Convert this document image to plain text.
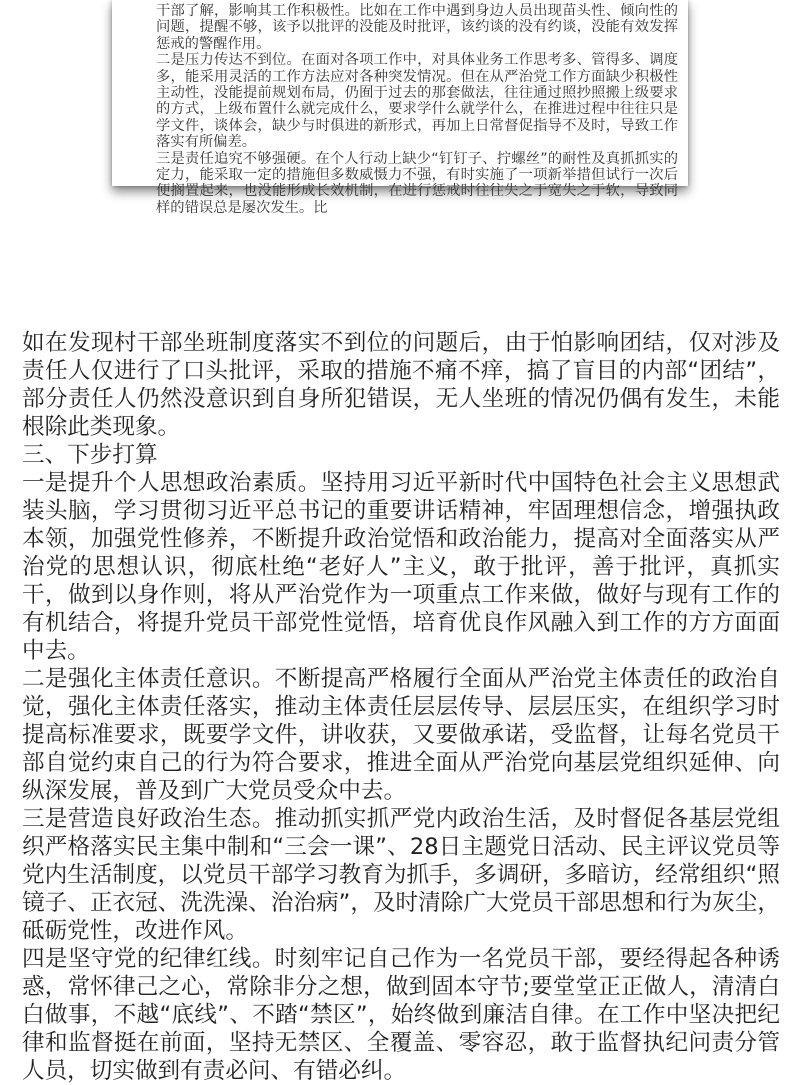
干部了解，影响其工作积极性。比如在工作中遇到身边人员出现苗头性、倾向性的问题，提醒不够，该予以批评的没能及时批评，该约谈的没有约谈，没能有效发挥惩戒的警醒作用。

二是压力传达不到位。在面对各项工作中，对具体业务工作思考多、管得多、调度多，能采用灵活的工作方法应对各种突发情况。但在从严治党工作方面缺少积极性主动性，没能提前规划布局，仍囿于过去的那套做法，往往通过照抄照搬上级要求的方式，上级布置什么就完成什么，要求学什么就学什么，在推进过程中往往只是学文件，谈体会，缺少与时俱进的新形式，再加上日常督促指导不及时，导致工作落实有所偏差。

三是责任追究不够强硬。在个人行动上缺少“钉钉子、拧螺丝”的耐性及真抓抓实的定力，能采取一定的措施但多数威慑力不强，有时实施了一项新举措但试行一次后便搁置起来，也没能形成长效机制，在进行惩戒时往往失之于宽失之于软，导致同样的错误总是屡次发生。比

如在发现村干部坐班制度落实不到位的问题后，由于怕影响团结，仅对涉及责任人仅进行了口头批评，采取的措施不痛不痒，搞了盲目的内部“团结”，部分责任人仍然没意识到自身所犯错误，无人坐班的情况仍偶有发生，未能根除此类现象。

三、下步打算

一是提升个人思想政治素质。坚持用习近平新时代中国特色社会主义思想武装头脑，学习贯彻习近平总书记的重要讲话精神，牢固理想信念，增强执政本领，加强党性修养，不断提升政治觉悟和政治能力，提高对全面落实从严治党的思想认识，彻底杜绝“老好人”主义，敢于批评，善于批评，真抓实干，做到以身作则，将从严治党作为一项重点工作来做，做好与现有工作的有机结合，将提升党员干部党性觉悟，培育优良作风融入到工作的方方面面中去。

二是强化主体责任意识。不断提高严格履行全面从严治党主体责任的政治自觉，强化主体责任落实，推动主体责任层层传导、层层压实，在组织学习时提高标准要求，既要学文件，讲收获，又要做承诺，受监督，让每名党员干部自觉约束自己的行为符合要求，推进全面从严治党向基层党组织延伸、向纵深发展，普及到广大党员受众中去。

三是营造良好政治生态。推动抓实抓严党内政治生活，及时督促各基层党组织严格落实民主集中制和“三会一课”、28日主题党日活动、民主评议党员等党内生活制度，以党员干部学习教育为抓手，多调研，多暗访，经常组织“照镜子、正衣冠、洗洗澡、治治病”，及时清除广大党员干部思想和行为灰尘，砥砺党性，改进作风。

四是坚守党的纪律红线。时刻牢记自己作为一名党员干部，要经得起各种诱惑，常怀律己之心，常除非分之想，做到固本守节;要堂堂正正做人，清清白白做事，不越“底线”、不踏“禁区”，始终做到廉洁自律。在工作中坚决把纪律和监督挺在前面，坚持无禁区、全覆盖、零容忍，敢于监督执纪问责分管人员，切实做到有责必问、有错必纠。
